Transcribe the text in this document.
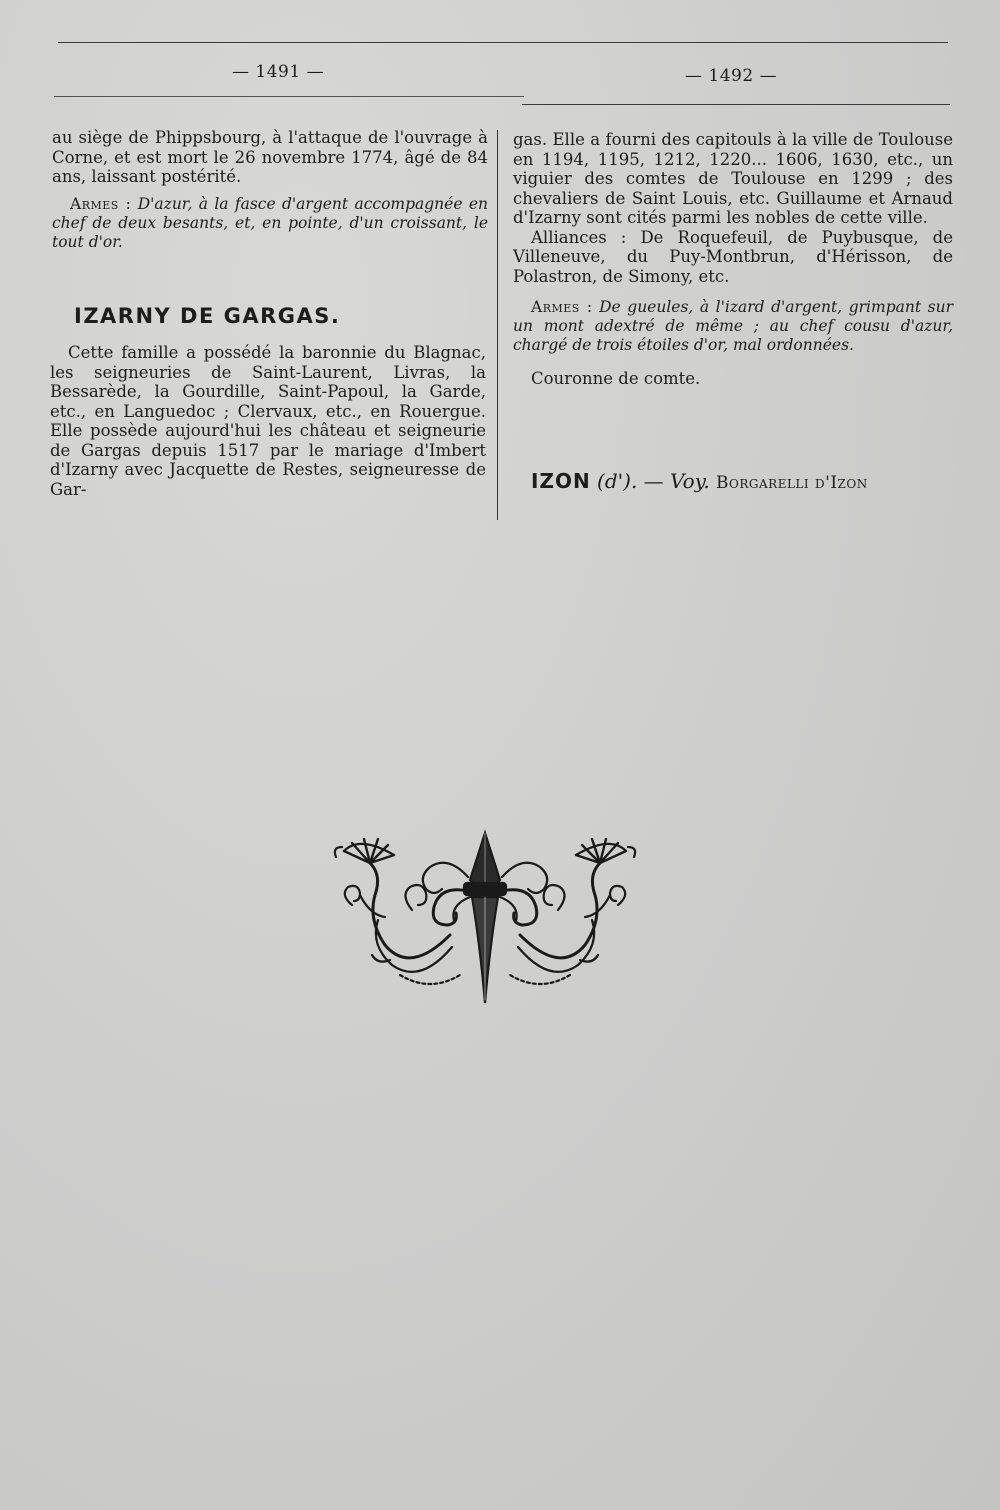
— 1491 —	— 1492 —

au siège de Phippsbourg, à l'attaque de l'ouvrage à Corne, et est mort le 26 novembre 1774, âgé de 84 ans, laissant postérité.

Armes : D'azur, à la fasce d'argent accompagnée en chef de deux besants, et, en pointe, d'un croissant, le tout d'or.

IZARNY DE GARGAS.

Cette famille a possédé la baronnie du Blagnac, les seigneuries de Saint-Laurent, Livras, la Bessarède, la Gourdille, Saint-Papoul, la Garde, etc., en Languedoc ; Clervaux, etc., en Rouergue. Elle possède aujourd'hui les château et seigneurie de Gargas depuis 1517 par le mariage d'Imbert d'Izarny avec Jacquette de Restes, seigneuresse de Gar-

gas. Elle a fourni des capitouls à la ville de Toulouse en 1194, 1195, 1212, 1220... 1606, 1630, etc., un viguier des comtes de Toulouse en 1299 ; des chevaliers de Saint Louis, etc. Guillaume et Arnaud d'Izarny sont cités parmi les nobles de cette ville.

Alliances : De Roquefeuil, de Puybusque, de Villeneuve, du Puy-Montbrun, d'Hérisson, de Polastron, de Simony, etc.

Armes : De gueules, à l'izard d'argent, grimpant sur un mont adextré de même ; au chef cousu d'azur, chargé de trois étoiles d'or, mal ordonnées.

Couronne de comte.

IZON (d'). — Voy. Borgarelli d'Izon
